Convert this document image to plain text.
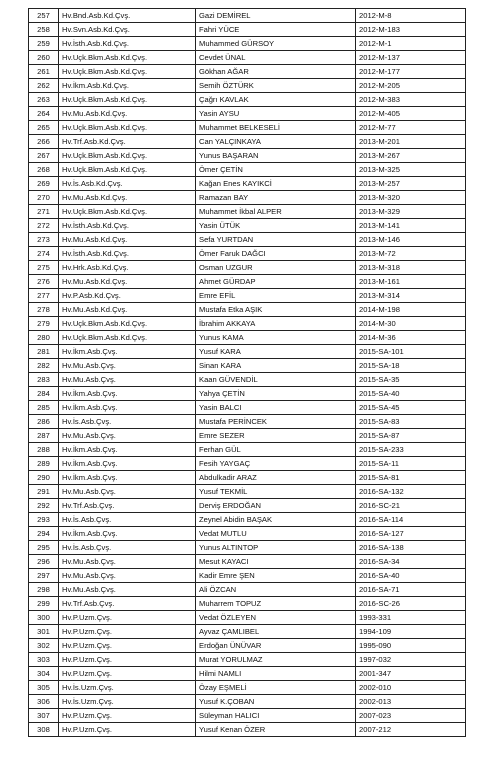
257	Hv.Bnd.Asb.Kd.Çvş.	Gazi DEMİREL	2012-M-8
258	Hv.Svn.Asb.Kd.Çvş.	Fahri YÜCE	2012-M-183
259	Hv.İsth.Asb.Kd.Çvş.	Muhammed GÜRSOY	2012-M-1
260	Hv.Uçk.Bkm.Asb.Kd.Çvş.	Cevdet ÜNAL	2012-M-137
261	Hv.Uçk.Bkm.Asb.Kd.Çvş.	Gökhan AĞAR	2012-M-177
262	Hv.İkm.Asb.Kd.Çvş.	Semih ÖZTÜRK	2012-M-205
263	Hv.Uçk.Bkm.Asb.Kd.Çvş.	Çağrı KAVLAK	2012-M-383
264	Hv.Mu.Asb.Kd.Çvş.	Yasin AYSU	2012-M-405
265	Hv.Uçk.Bkm.Asb.Kd.Çvş.	Muhammet BELKESELİ	2012-M-77
266	Hv.Trf.Asb.Kd.Çvş.	Can YALÇINKAYA	2013-M-201
267	Hv.Uçk.Bkm.Asb.Kd.Çvş.	Yunus BAŞARAN	2013-M-267
268	Hv.Uçk.Bkm.Asb.Kd.Çvş.	Ömer ÇETİN	2013-M-325
269	Hv.İs.Asb.Kd.Çvş.	Kağan Enes KAYIKCİ	2013-M-257
270	Hv.Mu.Asb.Kd.Çvş.	Ramazan BAY	2013-M-320
271	Hv.Uçk.Bkm.Asb.Kd.Çvş.	Muhammet İkbal ALPER	2013-M-329
272	Hv.İsth.Asb.Kd.Çvş.	Yasin ÜTÜK	2013-M-141
273	Hv.Mu.Asb.Kd.Çvş.	Sefa YURTDAN	2013-M-146
274	Hv.İsth.Asb.Kd.Çvş.	Ömer Faruk DAĞCI	2013-M-72
275	Hv.Hrk.Asb.Kd.Çvş.	Osman UZGUR	2013-M-318
276	Hv.Mu.Asb.Kd.Çvş.	Ahmet GÜRDAP	2013-M-161
277	Hv.P.Asb.Kd.Çvş.	Emre EFİL	2013-M-314
278	Hv.Mu.Asb.Kd.Çvş.	Mustafa Etka AŞIK	2014-M-198
279	Hv.Uçk.Bkm.Asb.Kd.Çvş.	İbrahim AKKAYA	2014-M-30
280	Hv.Uçk.Bkm.Asb.Kd.Çvş.	Yunus KAMA	2014-M-36
281	Hv.İkm.Asb.Çvş.	Yusuf KARA	2015-SA-101
282	Hv.Mu.Asb.Çvş.	Sinan KARA	2015-SA-18
283	Hv.Mu.Asb.Çvş.	Kaan GÜVENDİL	2015-SA-35
284	Hv.İkm.Asb.Çvş.	Yahya ÇETİN	2015-SA-40
285	Hv.İkm.Asb.Çvş.	Yasin BALCI	2015-SA-45
286	Hv.İs.Asb.Çvş.	Mustafa PERİNCEK	2015-SA-83
287	Hv.Mu.Asb.Çvş.	Emre SEZER	2015-SA-87
288	Hv.İkm.Asb.Çvş.	Ferhan GÜL	2015-SA-233
289	Hv.İkm.Asb.Çvş.	Fesih YAYGAÇ	2015-SA-11
290	Hv.İkm.Asb.Çvş.	Abdulkadir ARAZ	2015-SA-81
291	Hv.Mu.Asb.Çvş.	Yusuf TEKMİL	2016-SA-132
292	Hv.Trf.Asb.Çvş.	Derviş ERDOĞAN	2016-SC-21
293	Hv.İs.Asb.Çvş.	Zeynel Abidin BAŞAK	2016-SA-114
294	Hv.İkm.Asb.Çvş.	Vedat MUTLU	2016-SA-127
295	Hv.İs.Asb.Çvş.	Yunus ALTINTOP	2016-SA-138
296	Hv.Mu.Asb.Çvş.	Mesut KAYACI	2016-SA-34
297	Hv.Mu.Asb.Çvş.	Kadir Emre ŞEN	2016-SA-40
298	Hv.Mu.Asb.Çvş.	Ali ÖZCAN	2016-SA-71
299	Hv.Trf.Asb.Çvş.	Muharrem TOPUZ	2016-SC-26
300	Hv.P.Uzm.Çvş.	Vedat ÖZLEYEN	1993-331
301	Hv.P.Uzm.Çvş.	Ayvaz ÇAMLIBEL	1994-109
302	Hv.P.Uzm.Çvş.	Erdoğan ÜNÜVAR	1995-090
303	Hv.P.Uzm.Çvş.	Murat YORULMAZ	1997-032
304	Hv.P.Uzm.Çvş.	Hilmi NAMLI	2001-347
305	Hv.İs.Uzm.Çvş.	Özay EŞMELİ	2002-010
306	Hv.İs.Uzm.Çvş.	Yusuf K.ÇOBAN	2002-013
307	Hv.P.Uzm.Çvş.	Süleyman HALICI	2007-023
308	Hv.P.Uzm.Çvş.	Yusuf Kenan ÖZER	2007-212
